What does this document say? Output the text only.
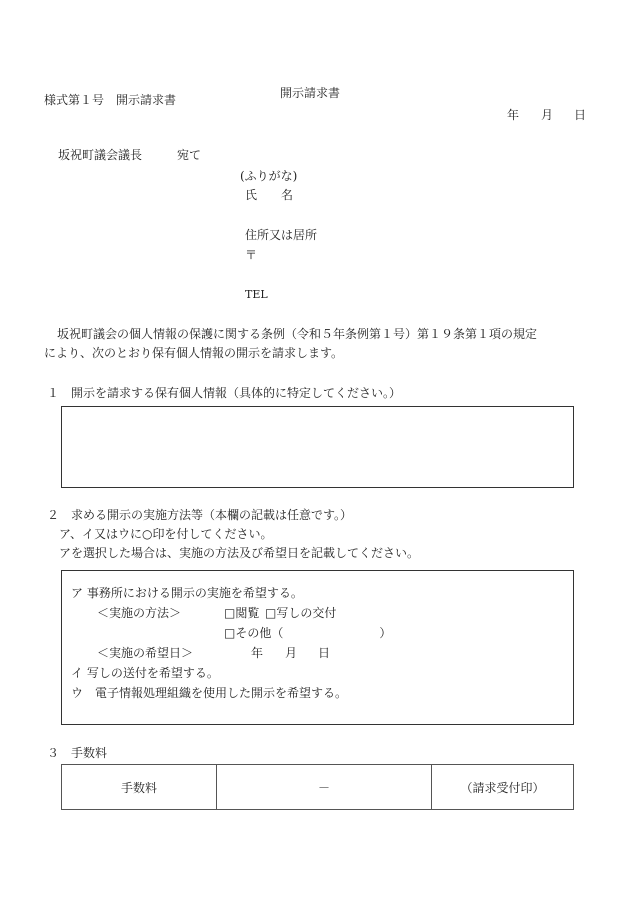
様式第１号　開示請求書	開示請求書
年 月 日
坂祝町議会議長	宛て
(ふりがな)
氏　　名
住所又は居所
〒
TEL
坂祝町議会の個人情報の保護に関する条例（令和５年条例第１号）第１９条第１項の規定
により、次のとおり保有個人情報の開示を請求します。
１　開示を請求する保有個人情報（具体的に特定してください。）
２　求める開示の実施方法等（本欄の記載は任意です。）
ア、イ又はウに○印を付してください。
アを選択した場合は、実施の方法及び希望日を記載してください。
ア 事務所における開示の実施を希望する。
＜実施の方法＞	□閲覧 □写しの交付
□その他（　　　　　　　　）
＜実施の希望日＞	年 月 日
イ 写しの送付を希望する。
ウ　電子情報処理組織を使用した開示を希望する。
３　手数料
手数料	－	（請求受付印）
